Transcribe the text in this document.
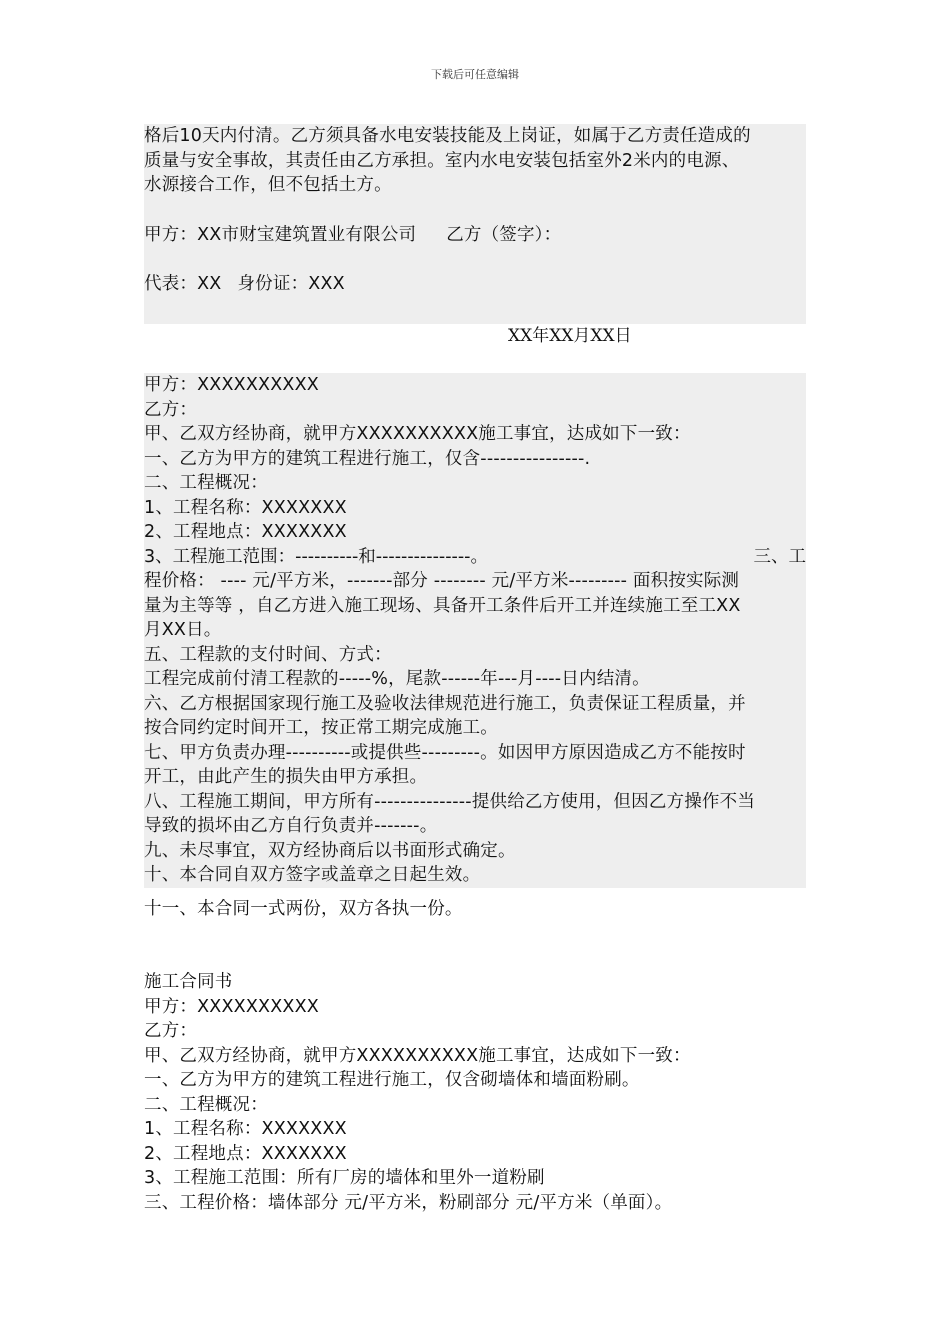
下载后可任意编辑
格后10天内付清。乙方须具备水电安装技能及上岗证，如属于乙方责任造成的
质量与安全事故，其责任由乙方承担。室内水电安装包括室外2米内的电源、
水源接合工作，但不包括土方。
甲方：XX市财宝建筑置业有限公司 乙方（签字）：
代表：XX 身份证：XXX
XX年XX月XX日
甲方：XXXXXXXXXX
乙方：
甲、乙双方经协商，就甲方XXXXXXXXXX施工事宜，达成如下一致：
一、乙方为甲方的建筑工程进行施工，仅含----------------.
二、工程概况：
1、工程名称：XXXXXXX
2、工程地点：XXXXXXX
3、工程施工范围：----------和---------------。	三、工
程价格： ---- 元/平方米，-------部分 -------- 元/平方米--------- 面积按实际测
量为主等等 ，自乙方进入施工现场、具备开工条件后开工并连续施工至工XX
月XX日。
五、工程款的支付时间、方式：
工程完成前付清工程款的-----%，尾款------年---月----日内结清。
六、乙方根据国家现行施工及验收法律规范进行施工，负责保证工程质量，并
按合同约定时间开工，按正常工期完成施工。
七、甲方负责办理----------或提供些---------。如因甲方原因造成乙方不能按时
开工，由此产生的损失由甲方承担。
八、工程施工期间，甲方所有---------------提供给乙方使用，但因乙方操作不当
导致的损坏由乙方自行负责并-------。
九、未尽事宜，双方经协商后以书面形式确定。
十、本合同自双方签字或盖章之日起生效。
十一、本合同一式两份，双方各执一份。
施工合同书
甲方：XXXXXXXXXX
乙方：
甲、乙双方经协商，就甲方XXXXXXXXXX施工事宜，达成如下一致：
一、乙方为甲方的建筑工程进行施工，仅含砌墙体和墙面粉刷。
二、工程概况：
1、工程名称：XXXXXXX
2、工程地点：XXXXXXX
3、工程施工范围：所有厂房的墙体和里外一道粉刷
三、工程价格：墙体部分 元/平方米，粉刷部分 元/平方米（单面）。
